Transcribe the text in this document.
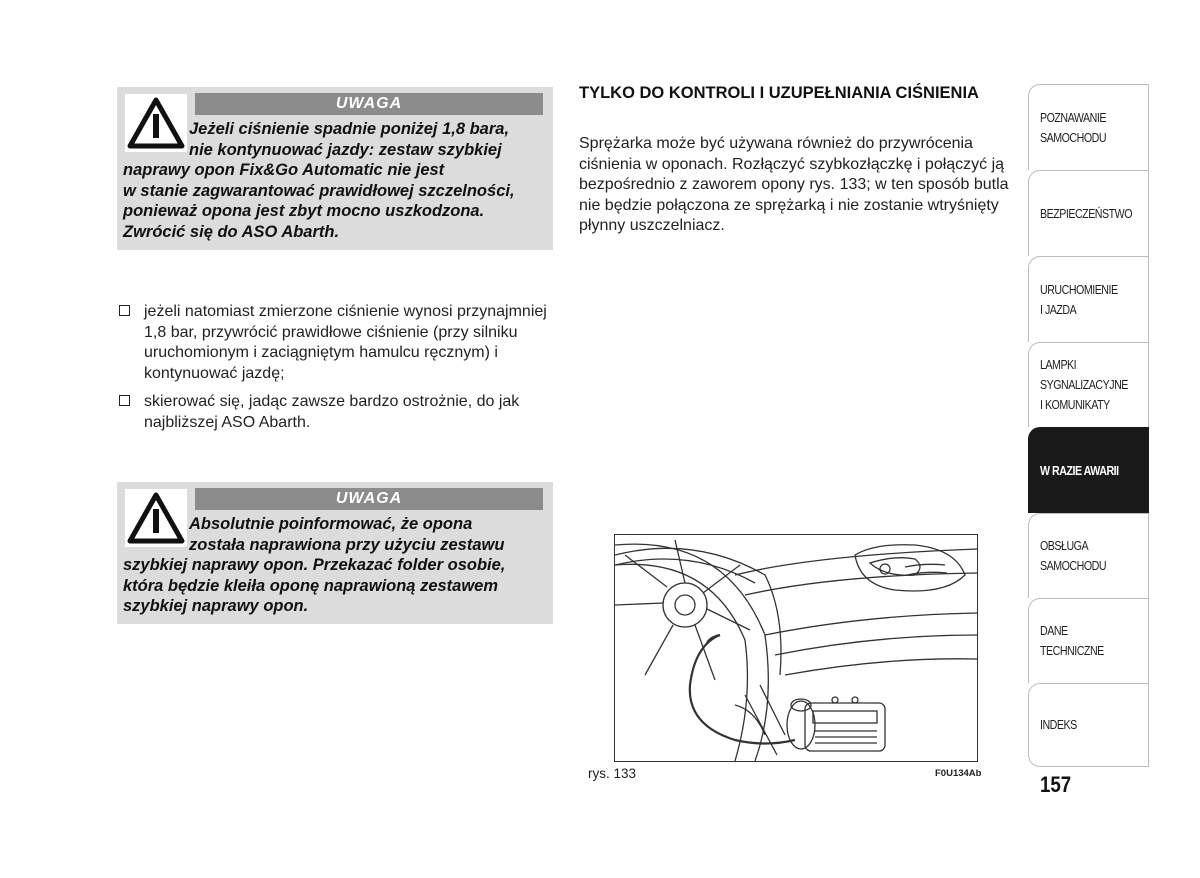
UWAGA
Jeżeli ciśnienie spadnie poniżej 1,8 bara,
nie kontynuować jazdy: zestaw szybkiej
naprawy opon Fix&Go Automatic nie jest
w stanie zagwarantować prawidłowej szczelności,
ponieważ opona jest zbyt mocno uszkodzona.
Zwrócić się do ASO Abarth.
jeżeli natomiast zmierzone ciśnienie wynosi przynajmniej 1,8 bar, przywrócić prawidłowe ciśnienie (przy silniku uruchomionym i zaciągniętym hamulcu ręcznym) i kontynuować jazdę;
skierować się, jadąc zawsze bardzo ostrożnie, do jak najbliższej ASO Abarth.
UWAGA
Absolutnie poinformować, że opona
została naprawiona przy użyciu zestawu
szybkiej naprawy opon. Przekazać folder osobie,
która będzie kleiła oponę naprawioną zestawem
szybkiej naprawy opon.
TYLKO DO KONTROLI I UZUPEŁNIANIA CIŚNIENIA
Sprężarka może być używana również do przywrócenia ciśnienia w oponach. Rozłączyć szybkozłączkę i połączyć ją bezpośrednio z zaworem opony rys. 133; w ten sposób butla nie będzie połączona ze sprężarką i nie zostanie wtryśnięty płynny uszczelniacz.
rys. 133	F0U134Ab
POZNAWANIE
SAMOCHODU
BEZPIECZEŃSTWO
URUCHOMIENIE
I JAZDA
LAMPKI
SYGNALIZACYJNE
I KOMUNIKATY
W RAZIE AWARII
OBSŁUGA
SAMOCHODU
DANE
TECHNICZNE
INDEKS
157
